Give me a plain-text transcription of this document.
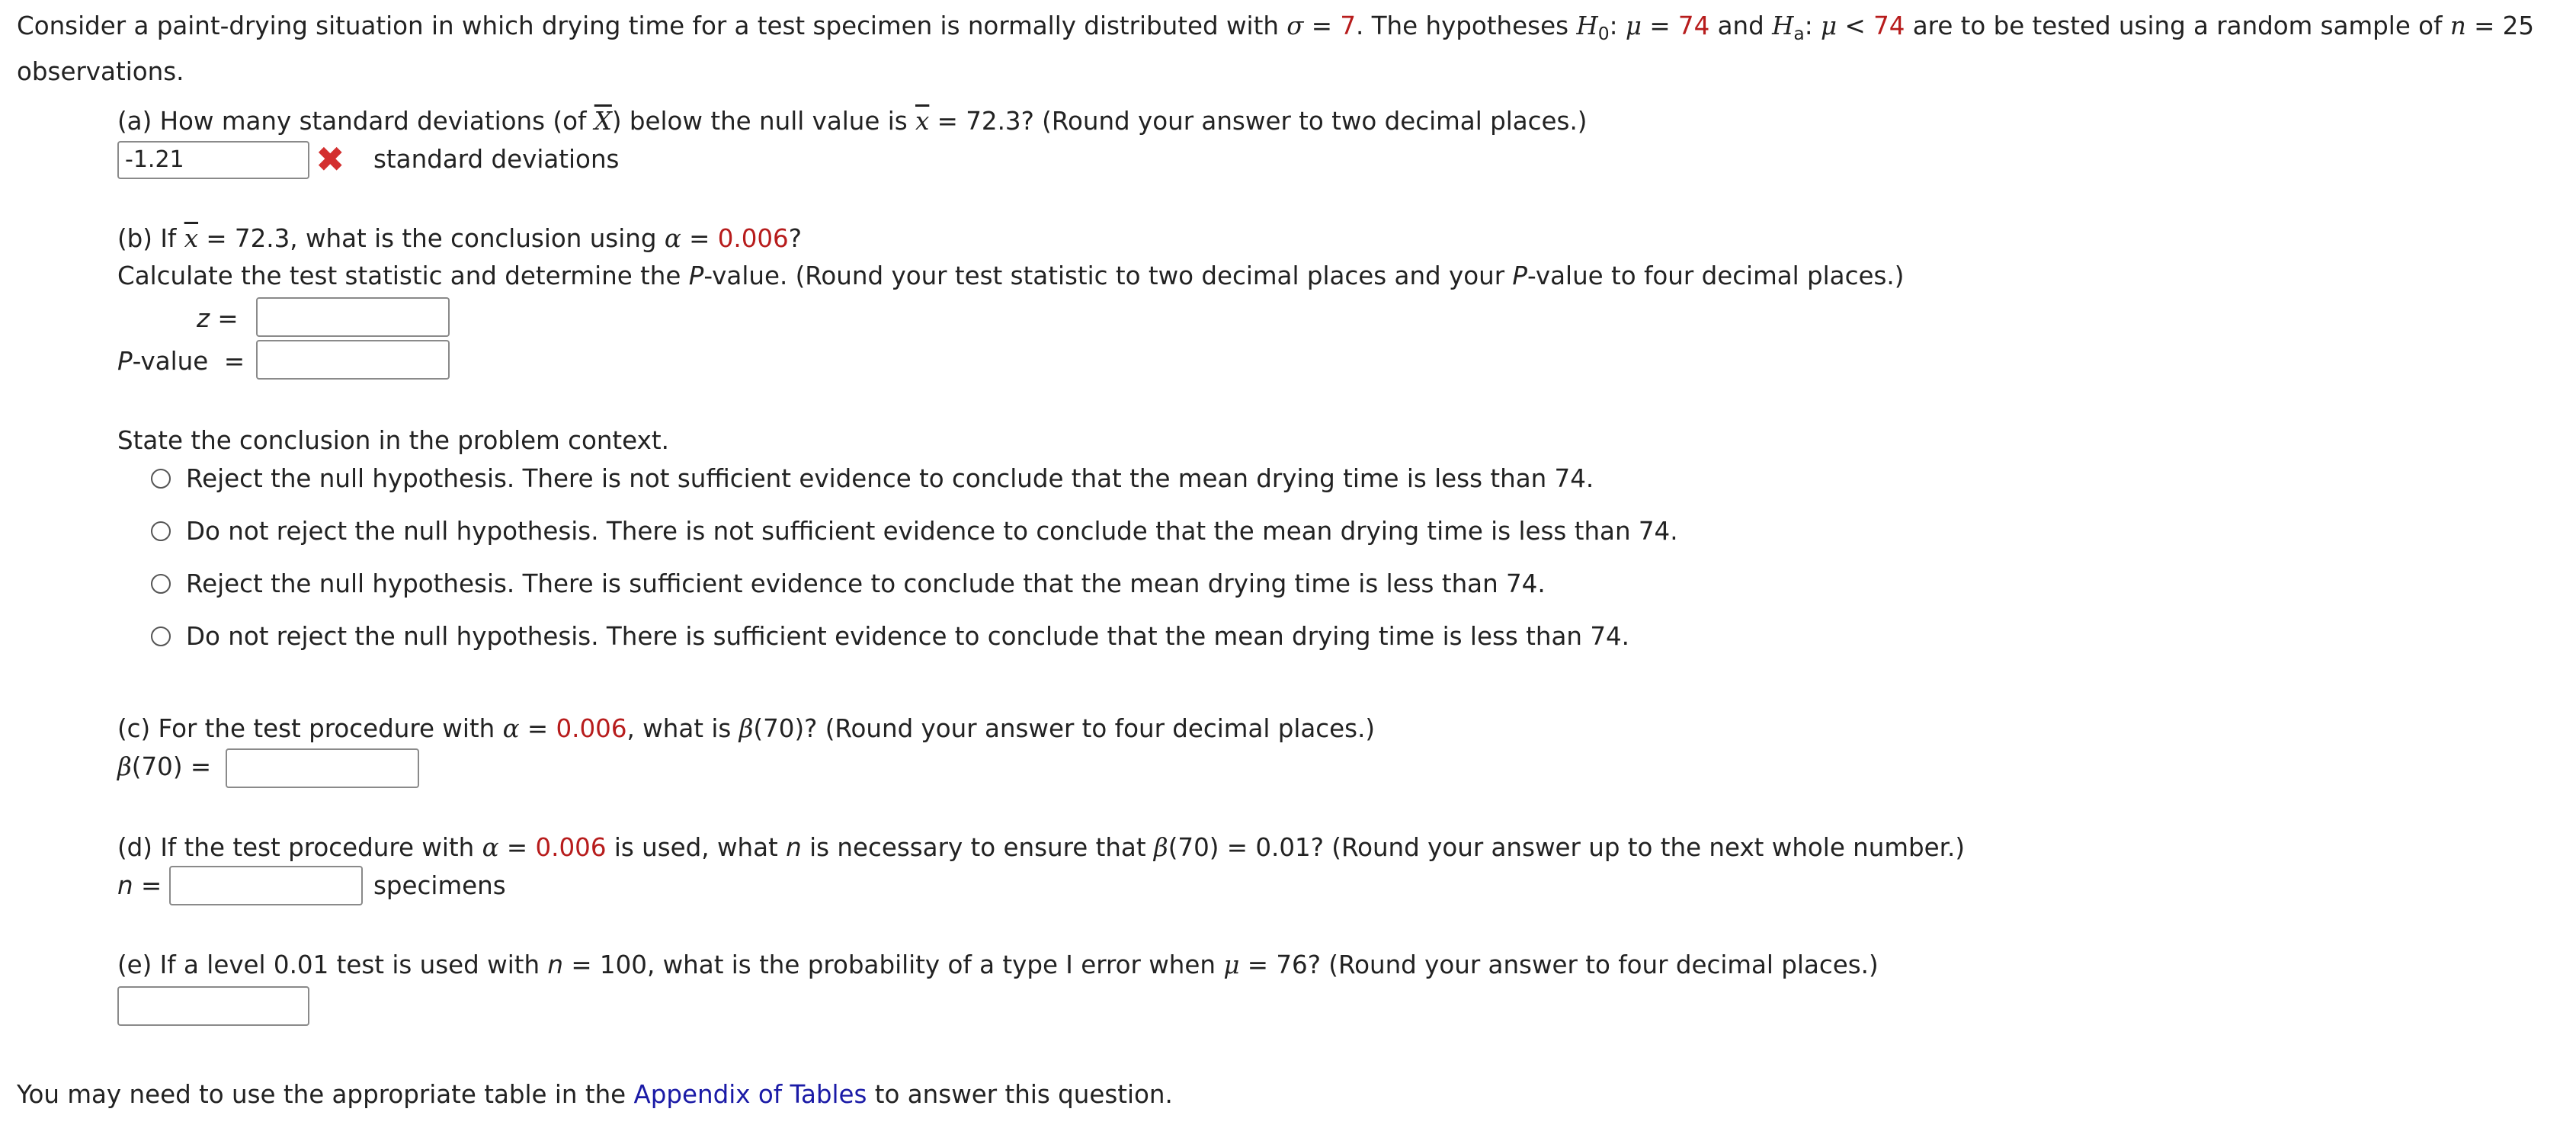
Consider a paint-drying situation in which drying time for a test specimen is normally distributed with σ = 7. The hypotheses $H_0$: μ = 74 and $H_a$: μ < 74 are to be tested using a random sample of n = 25
observations.
(a) How many standard deviations (of $\overline{X}$) below the null value is $\overline{x} = 72.3$? (Round your answer to two decimal places.)
-1.21	✖ standard deviations
(b) If $\overline{x} = 72.3$, what is the conclusion using α = 0.006?
Calculate the test statistic and determine the P-value. (Round your test statistic to two decimal places and your P-value to four decimal places.)
z =
P-value =
State the conclusion in the problem context.
Reject the null hypothesis. There is not sufficient evidence to conclude that the mean drying time is less than 74.
Do not reject the null hypothesis. There is not sufficient evidence to conclude that the mean drying time is less than 74.
Reject the null hypothesis. There is sufficient evidence to conclude that the mean drying time is less than 74.
Do not reject the null hypothesis. There is sufficient evidence to conclude that the mean drying time is less than 74.
(c) For the test procedure with α = 0.006, what is β(70)? (Round your answer to four decimal places.)
β(70) =
(d) If the test procedure with α = 0.006 is used, what n is necessary to ensure that β(70) = 0.01? (Round your answer up to the next whole number.)
n =	specimens
(e) If a level 0.01 test is used with n = 100, what is the probability of a type I error when μ = 76? (Round your answer to four decimal places.)
You may need to use the appropriate table in the Appendix of Tables to answer this question.
